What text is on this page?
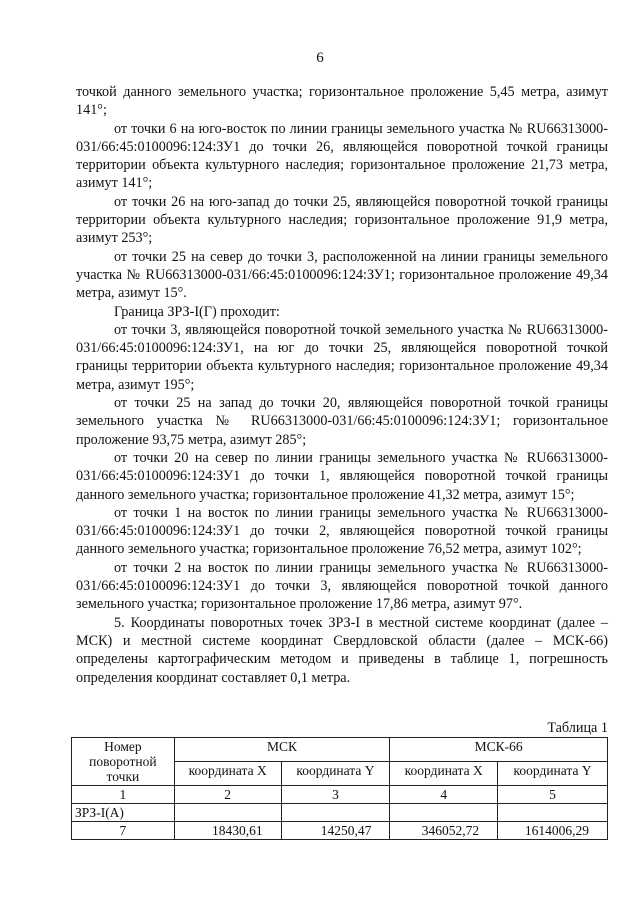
6

точкой данного земельного участка; горизонтальное проложение 5,45 метра, азимут 141°;

от точки 6 на юго-восток по линии границы земельного участка № RU66313000-031/66:45:0100096:124:ЗУ1 до точки 26, являющейся поворотной точкой границы территории объекта культурного наследия; горизонтальное проложение 21,73 метра, азимут 141°;

от точки 26 на юго-запад до точки 25, являющейся поворотной точкой границы территории объекта культурного наследия; горизонтальное проложение 91,9 метра, азимут 253°;

от точки 25 на север до точки 3, расположенной на линии границы земельного участка № RU66313000-031/66:45:0100096:124:ЗУ1; горизонтальное проложение 49,34 метра, азимут 15°.

Граница ЗРЗ-I(Г) проходит:

от точки 3, являющейся поворотной точкой земельного участка № RU66313000-031/66:45:0100096:124:ЗУ1, на юг до точки 25, являющейся поворотной точкой границы территории объекта культурного наследия; горизонтальное проложение 49,34 метра, азимут 195°;

от точки 25 на запад до точки 20, являющейся поворотной точкой границы земельного участка № RU66313000-031/66:45:0100096:124:ЗУ1; горизонтальное проложение 93,75 метра, азимут 285°;

от точки 20 на север по линии границы земельного участка № RU66313000-031/66:45:0100096:124:ЗУ1 до точки 1, являющейся поворотной точкой границы данного земельного участка; горизонтальное проложение 41,32 метра, азимут 15°;

от точки 1 на восток по линии границы земельного участка № RU66313000-031/66:45:0100096:124:ЗУ1 до точки 2, являющейся поворотной точкой границы данного земельного участка; горизонтальное проложение 76,52 метра, азимут 102°;

от точки 2 на восток по линии границы земельного участка № RU66313000-031/66:45:0100096:124:ЗУ1 до точки 3, являющейся поворотной точкой данного земельного участка; горизонтальное проложение 17,86 метра, азимут 97°.

5. Координаты поворотных точек ЗРЗ-I в местной системе координат (далее – МСК) и местной системе координат Свердловской области (далее – МСК-66) определены картографическим методом и приведены в таблице 1, погрешность определения координат составляет 0,1 метра.

Таблица 1
Номер поворотной точки	МСК		МСК-66	
	координата X	координата Y	координата X	координата Y
1	2	3	4	5
ЗРЗ-I(А)				
7	18430,61	14250,47	346052,72	1614006,29
